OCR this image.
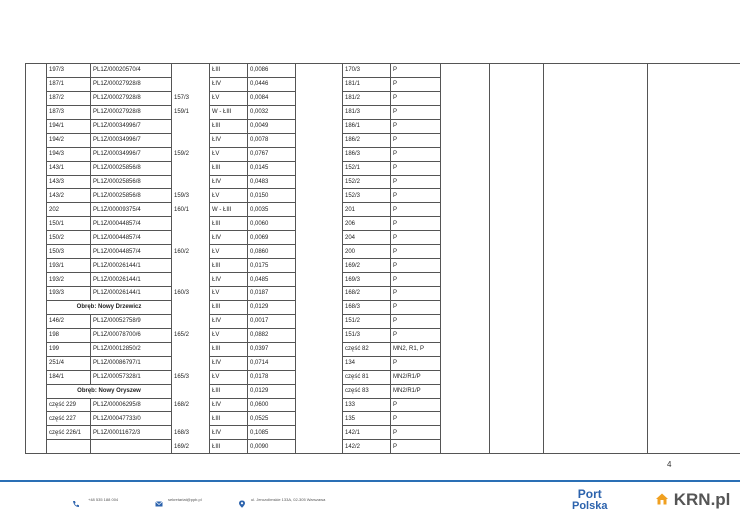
	197/3	PL1Z/00020570/4		ŁIII	0,0086		170/3	P					
	187/1	PL1Z/00027928/8		ŁIV	0,0446		181/1	P					
	187/2	PL1Z/00027928/8	157/3	ŁV	0,0084		181/2	P					
	187/3	PL1Z/00027928/8	159/1	W - ŁIII	0,0032		181/3	P					
	194/1	PL1Z/00034996/7		ŁIII	0,0049		186/1	P					
	194/2	PL1Z/00034996/7		ŁIV	0,0078		186/2	P					
	194/3	PL1Z/00034996/7	159/2	ŁV	0,0767		186/3	P					
	143/1	PL1Z/00025856/8		ŁIII	0,0145		152/1	P					
	143/3	PL1Z/00025856/8		ŁIV	0,0483		152/2	P					
	143/2	PL1Z/00025856/8	159/3	ŁV	0,0150		152/3	P					
	202	PL1Z/00009375/4	160/1	W - ŁIII	0,0035		201	P					
	150/1	PL1Z/00044857/4		ŁIII	0,0060		206	P					
	150/2	PL1Z/00044857/4		ŁIV	0,0069		204	P					
	150/3	PL1Z/00044857/4	160/2	ŁV	0,0860		200	P					
	193/1	PL1Z/00026144/1		ŁIII	0,0175		169/2	P					
	193/2	PL1Z/00026144/1		ŁIV	0,0485		169/3	P					
	193/3	PL1Z/00026144/1	160/3	ŁV	0,0187		168/2	P					
	Obręb: Nowy Drzewicz			ŁIII	0,0129		168/3	P					
	146/2	PL1Z/00052758/9		ŁIV	0,0017		151/2	P					
	198	PL1Z/00078700/6	165/2	ŁV	0,0882		151/3	P					
	199	PL1Z/00012850/2		ŁIII	0,0397		część 82	MN2, R1, P					
	251/4	PL1Z/00086797/1		ŁIV	0,0714		134	P					
	184/1	PL1Z/00057328/1	165/3	ŁV	0,0178		część 81	MN2/R1/P					
	Obręb: Nowy Oryszew			ŁIII	0,0129		część 83	MN2/R1/P					
	część 229	PL1Z/00006295/8	168/2	ŁIV	0,0600		133	P					
	część 227	PL1Z/00047733/0		ŁIII	0,0525		135	P					
	część 226/1	PL1Z/00011672/3	168/3	ŁIV	0,1085		142/1	P					
			169/2	ŁIII	0,0090		142/2	P					
4
+48 535 188 004	sekretariat@ppb.pl	ul. Jerozolimskie 133A, 02-305 Warszawa	Port
Polska	KRN.pl
